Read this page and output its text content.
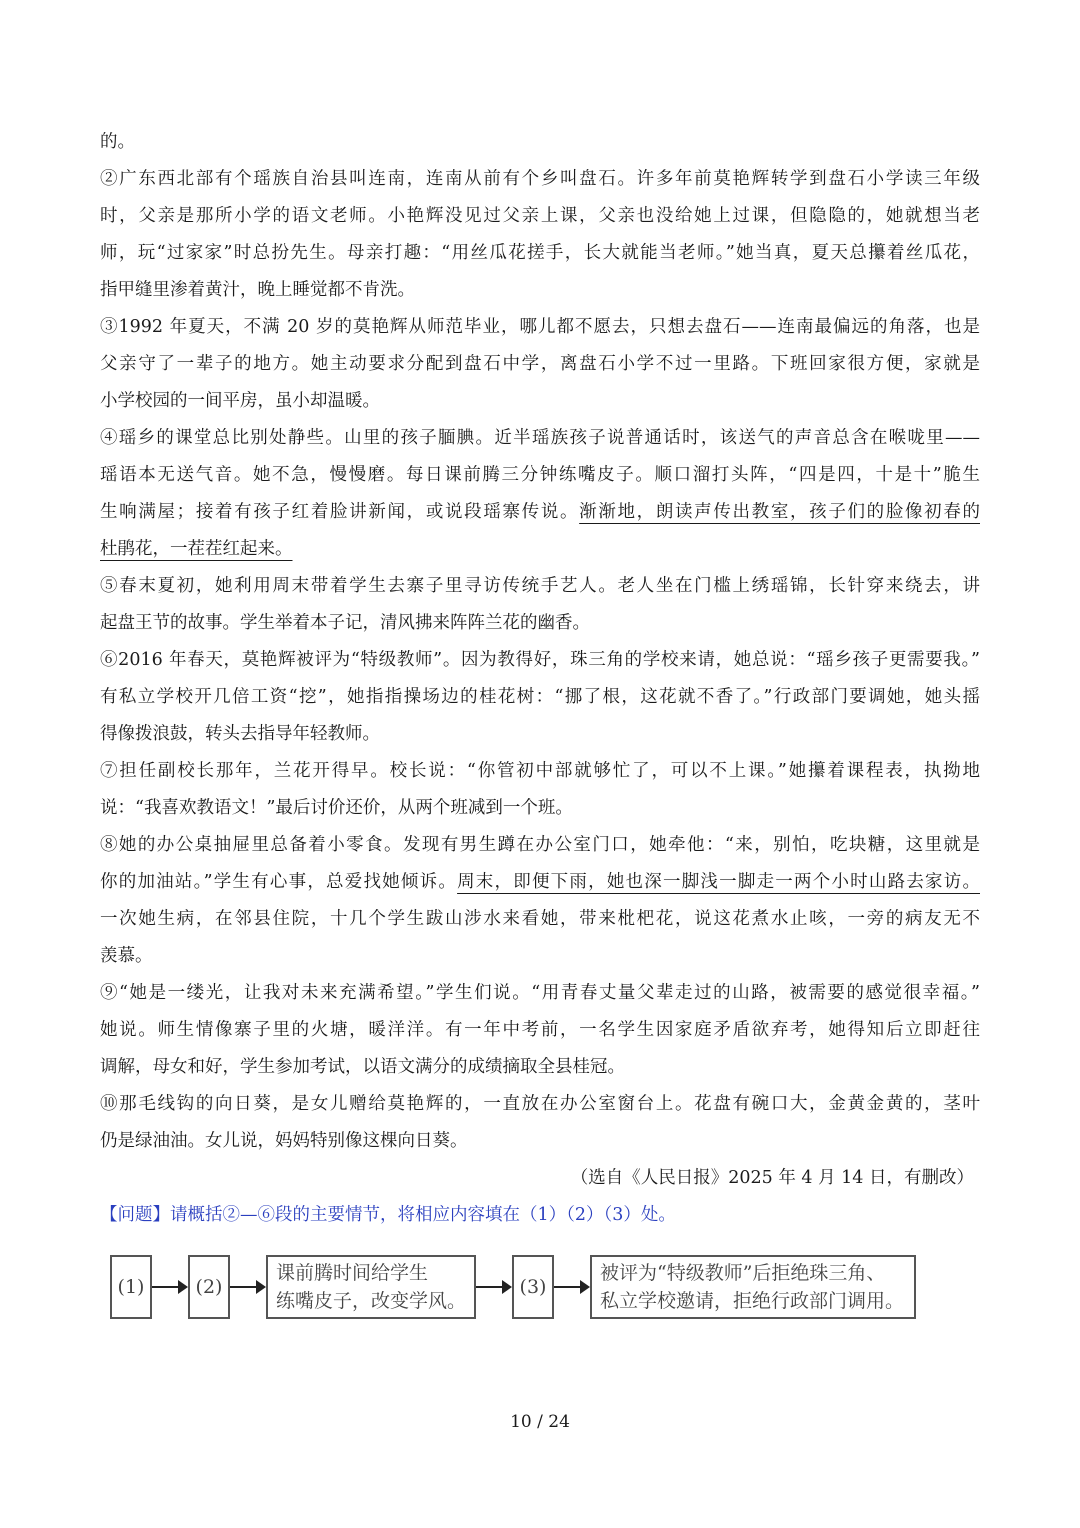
的。
②广东西北部有个瑶族自治县叫连南，连南从前有个乡叫盘石。许多年前莫艳辉转学到盘石小学读三年级
时，父亲是那所小学的语文老师。小艳辉没见过父亲上课，父亲也没给她上过课，但隐隐的，她就想当老
师，玩“过家家”时总扮先生。母亲打趣：“用丝瓜花搓手，长大就能当老师。”她当真，夏天总攥着丝瓜花，
指甲缝里渗着黄汁，晚上睡觉都不肯洗。
③1992 年夏天，不满 20 岁的莫艳辉从师范毕业，哪儿都不愿去，只想去盘石——连南最偏远的角落，也是
父亲守了一辈子的地方。她主动要求分配到盘石中学，离盘石小学不过一里路。下班回家很方便，家就是
小学校园的一间平房，虽小却温暖。
④瑶乡的课堂总比别处静些。山里的孩子腼腆。近半瑶族孩子说普通话时，该送气的声音总含在喉咙里——
瑶语本无送气音。她不急，慢慢磨。每日课前腾三分钟练嘴皮子。顺口溜打头阵，“四是四，十是十”脆生
生响满屋；接着有孩子红着脸讲新闻，或说段瑶寨传说。渐渐地，朗读声传出教室，孩子们的脸像初春的
杜鹃花，一茬茬红起来。
⑤春末夏初，她利用周末带着学生去寨子里寻访传统手艺人。老人坐在门槛上绣瑶锦，长针穿来绕去，讲
起盘王节的故事。学生举着本子记，清风拂来阵阵兰花的幽香。
⑥2016 年春天，莫艳辉被评为“特级教师”。因为教得好，珠三角的学校来请，她总说：“瑶乡孩子更需要我。”
有私立学校开几倍工资“挖”，她指指操场边的桂花树：“挪了根，这花就不香了。”行政部门要调她，她头摇
得像拨浪鼓，转头去指导年轻教师。
⑦担任副校长那年，兰花开得早。校长说：“你管初中部就够忙了，可以不上课。”她攥着课程表，执拗地
说：“我喜欢教语文！”最后讨价还价，从两个班减到一个班。
⑧她的办公桌抽屉里总备着小零食。发现有男生蹲在办公室门口，她牵他：“来，别怕，吃块糖，这里就是
你的加油站。”学生有心事，总爱找她倾诉。周末，即便下雨，她也深一脚浅一脚走一两个小时山路去家访。
一次她生病，在邻县住院，十几个学生跋山涉水来看她，带来枇杷花，说这花煮水止咳，一旁的病友无不
羡慕。
⑨“她是一缕光，让我对未来充满希望。”学生们说。“用青春丈量父辈走过的山路，被需要的感觉很幸福。”
她说。师生情像寨子里的火塘，暖洋洋。有一年中考前，一名学生因家庭矛盾欲弃考，她得知后立即赶往
调解，母女和好，学生参加考试，以语文满分的成绩摘取全县桂冠。
⑩那毛线钩的向日葵，是女儿赠给莫艳辉的，一直放在办公室窗台上。花盘有碗口大，金黄金黄的，茎叶
仍是绿油油。女儿说，妈妈特别像这棵向日葵。
（选自《人民日报》2025 年 4 月 14 日，有删改）
【问题】请概括②—⑥段的主要情节，将相应内容填在（1）（2）（3）处。
(1)	(2)
课前腾时间给学生
练嘴皮子，改变学风。
(3)
被评为“特级教师”后拒绝珠三角、
私立学校邀请，拒绝行政部门调用。
10 / 24
